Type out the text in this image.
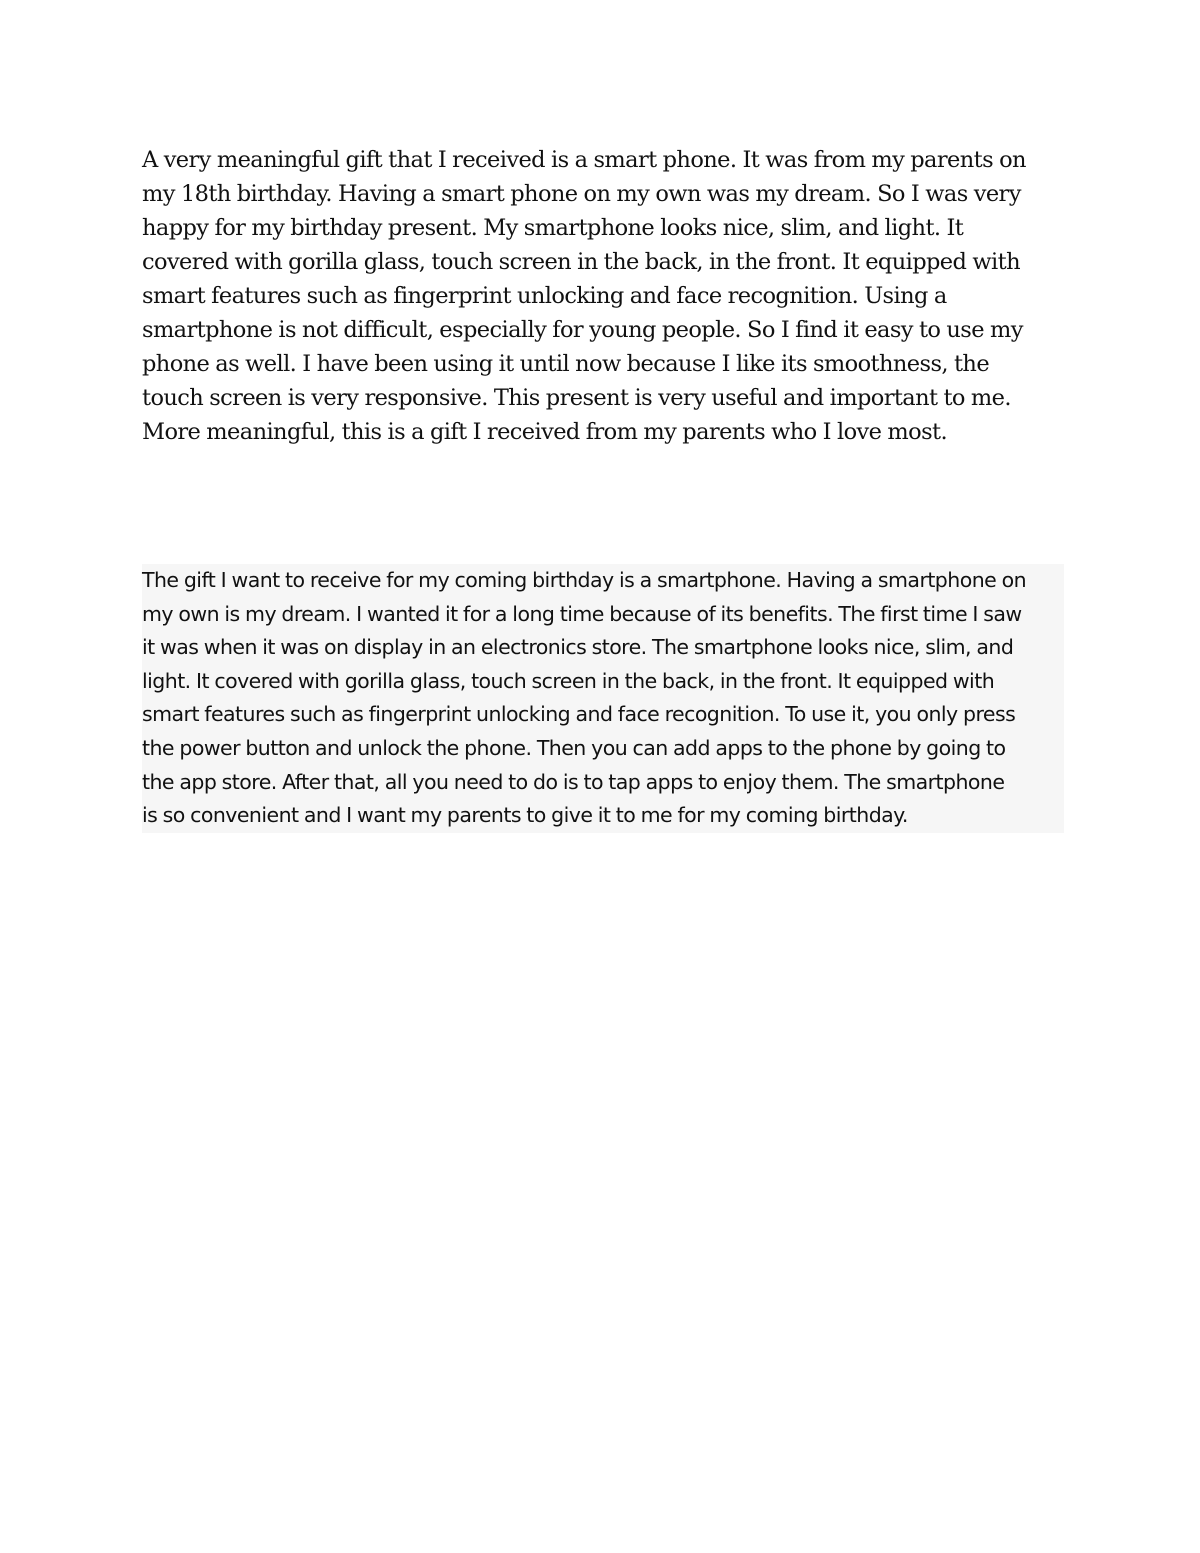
A very meaningful gift that I received is a smart phone. It was from my parents on
my 18th birthday. Having a smart phone on my own was my dream. So I was very
happy for my birthday present. My smartphone looks nice, slim, and light. It
covered with gorilla glass, touch screen in the back, in the front. It equipped with
smart features such as fingerprint unlocking and face recognition. Using a
smartphone is not difficult, especially for young people. So I find it easy to use my
phone as well. I have been using it until now because I like its smoothness, the
touch screen is very responsive. This present is very useful and important to me.
More meaningful, this is a gift I received from my parents who I love most.

The gift I want to receive for my coming birthday is a smartphone. Having a smartphone on
my own is my dream. I wanted it for a long time because of its benefits. The first time I saw
it was when it was on display in an electronics store. The smartphone looks nice, slim, and
light. It covered with gorilla glass, touch screen in the back, in the front. It equipped with
smart features such as fingerprint unlocking and face recognition. To use it, you only press
the power button and unlock the phone. Then you can add apps to the phone by going to
the app store. After that, all you need to do is to tap apps to enjoy them. The smartphone
is so convenient and I want my parents to give it to me for my coming birthday.
